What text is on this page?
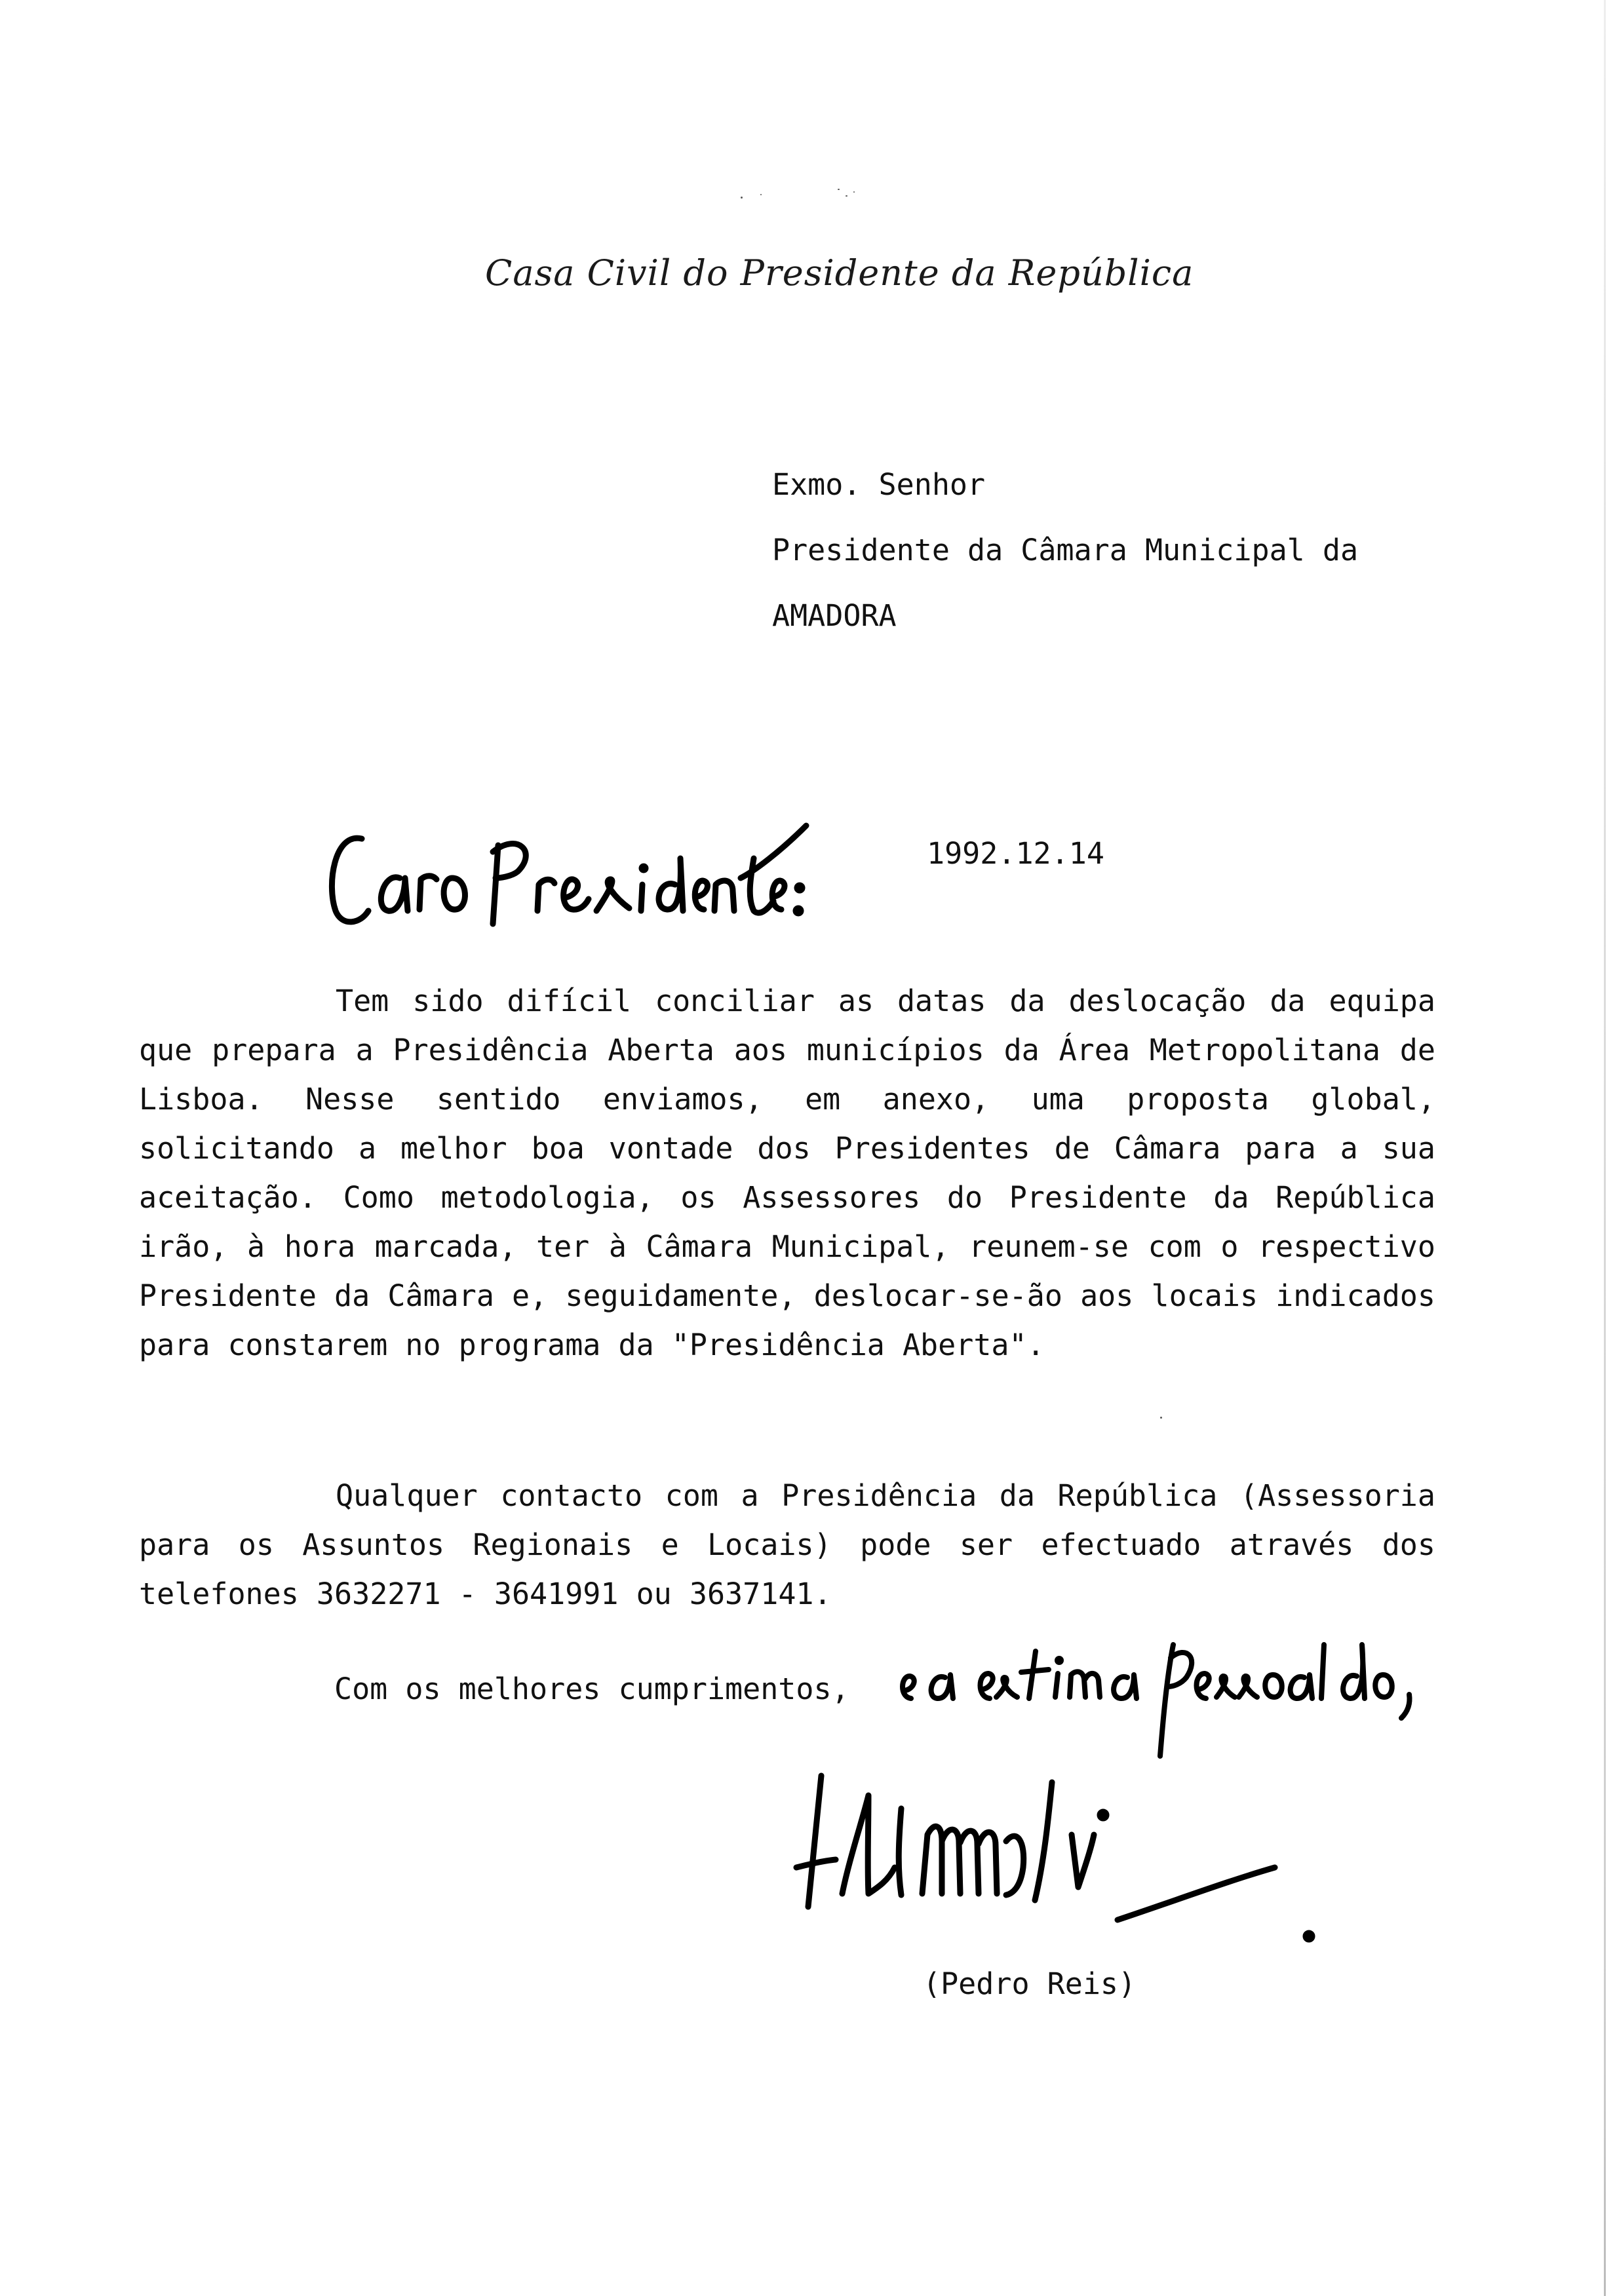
Casa Civil do Presidente da República
Exmo. Senhor
Presidente da Câmara Municipal da
AMADORA
1992.12.14

Tem sido difícil conciliar as datas da deslocação da equipa que prepara a Presidência Aberta aos municípios da Área Metropolitana de Lisboa. Nesse sentido enviamos, em anexo, uma proposta global, solicitando a melhor boa vontade dos Presidentes de Câmara para a sua aceitação. Como metodologia, os Assessores do Presidente da República irão, à hora marcada, ter à Câmara Municipal, reunem-se com o respectivo Presidente da Câmara e, seguidamente, deslocar-se-ão aos locais indicados para constarem no programa da "Presidência Aberta".

Qualquer contacto com a Presidência da República (Assessoria para os Assuntos Regionais e Locais) pode ser efectuado através dos telefones 3632271 - 3641991 ou 3637141.

Com os melhores cumprimentos,
(Pedro Reis)
